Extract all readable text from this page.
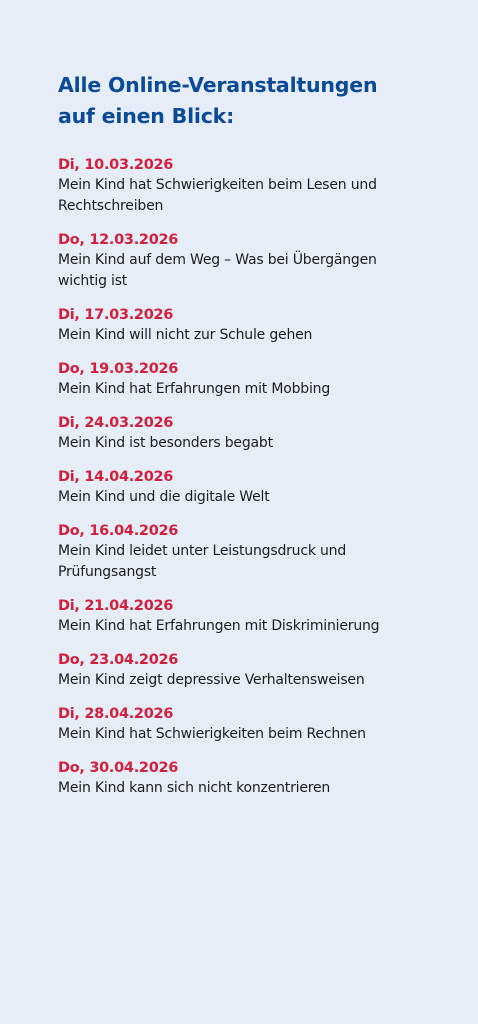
Alle Online-Veranstaltungen
auf einen Blick:
Di, 10.03.2026
Mein Kind hat Schwierigkeiten beim Lesen und Rechtschreiben
Do, 12.03.2026
Mein Kind auf dem Weg – Was bei Übergängen wichtig ist
Di, 17.03.2026
Mein Kind will nicht zur Schule gehen
Do, 19.03.2026
Mein Kind hat Erfahrungen mit Mobbing
Di, 24.03.2026
Mein Kind ist besonders begabt
Di, 14.04.2026
Mein Kind und die digitale Welt
Do, 16.04.2026
Mein Kind leidet unter Leistungsdruck und Prüfungsangst
Di, 21.04.2026
Mein Kind hat Erfahrungen mit Diskriminierung
Do, 23.04.2026
Mein Kind zeigt depressive Verhaltensweisen
Di, 28.04.2026
Mein Kind hat Schwierigkeiten beim Rechnen
Do, 30.04.2026
Mein Kind kann sich nicht konzentrieren
